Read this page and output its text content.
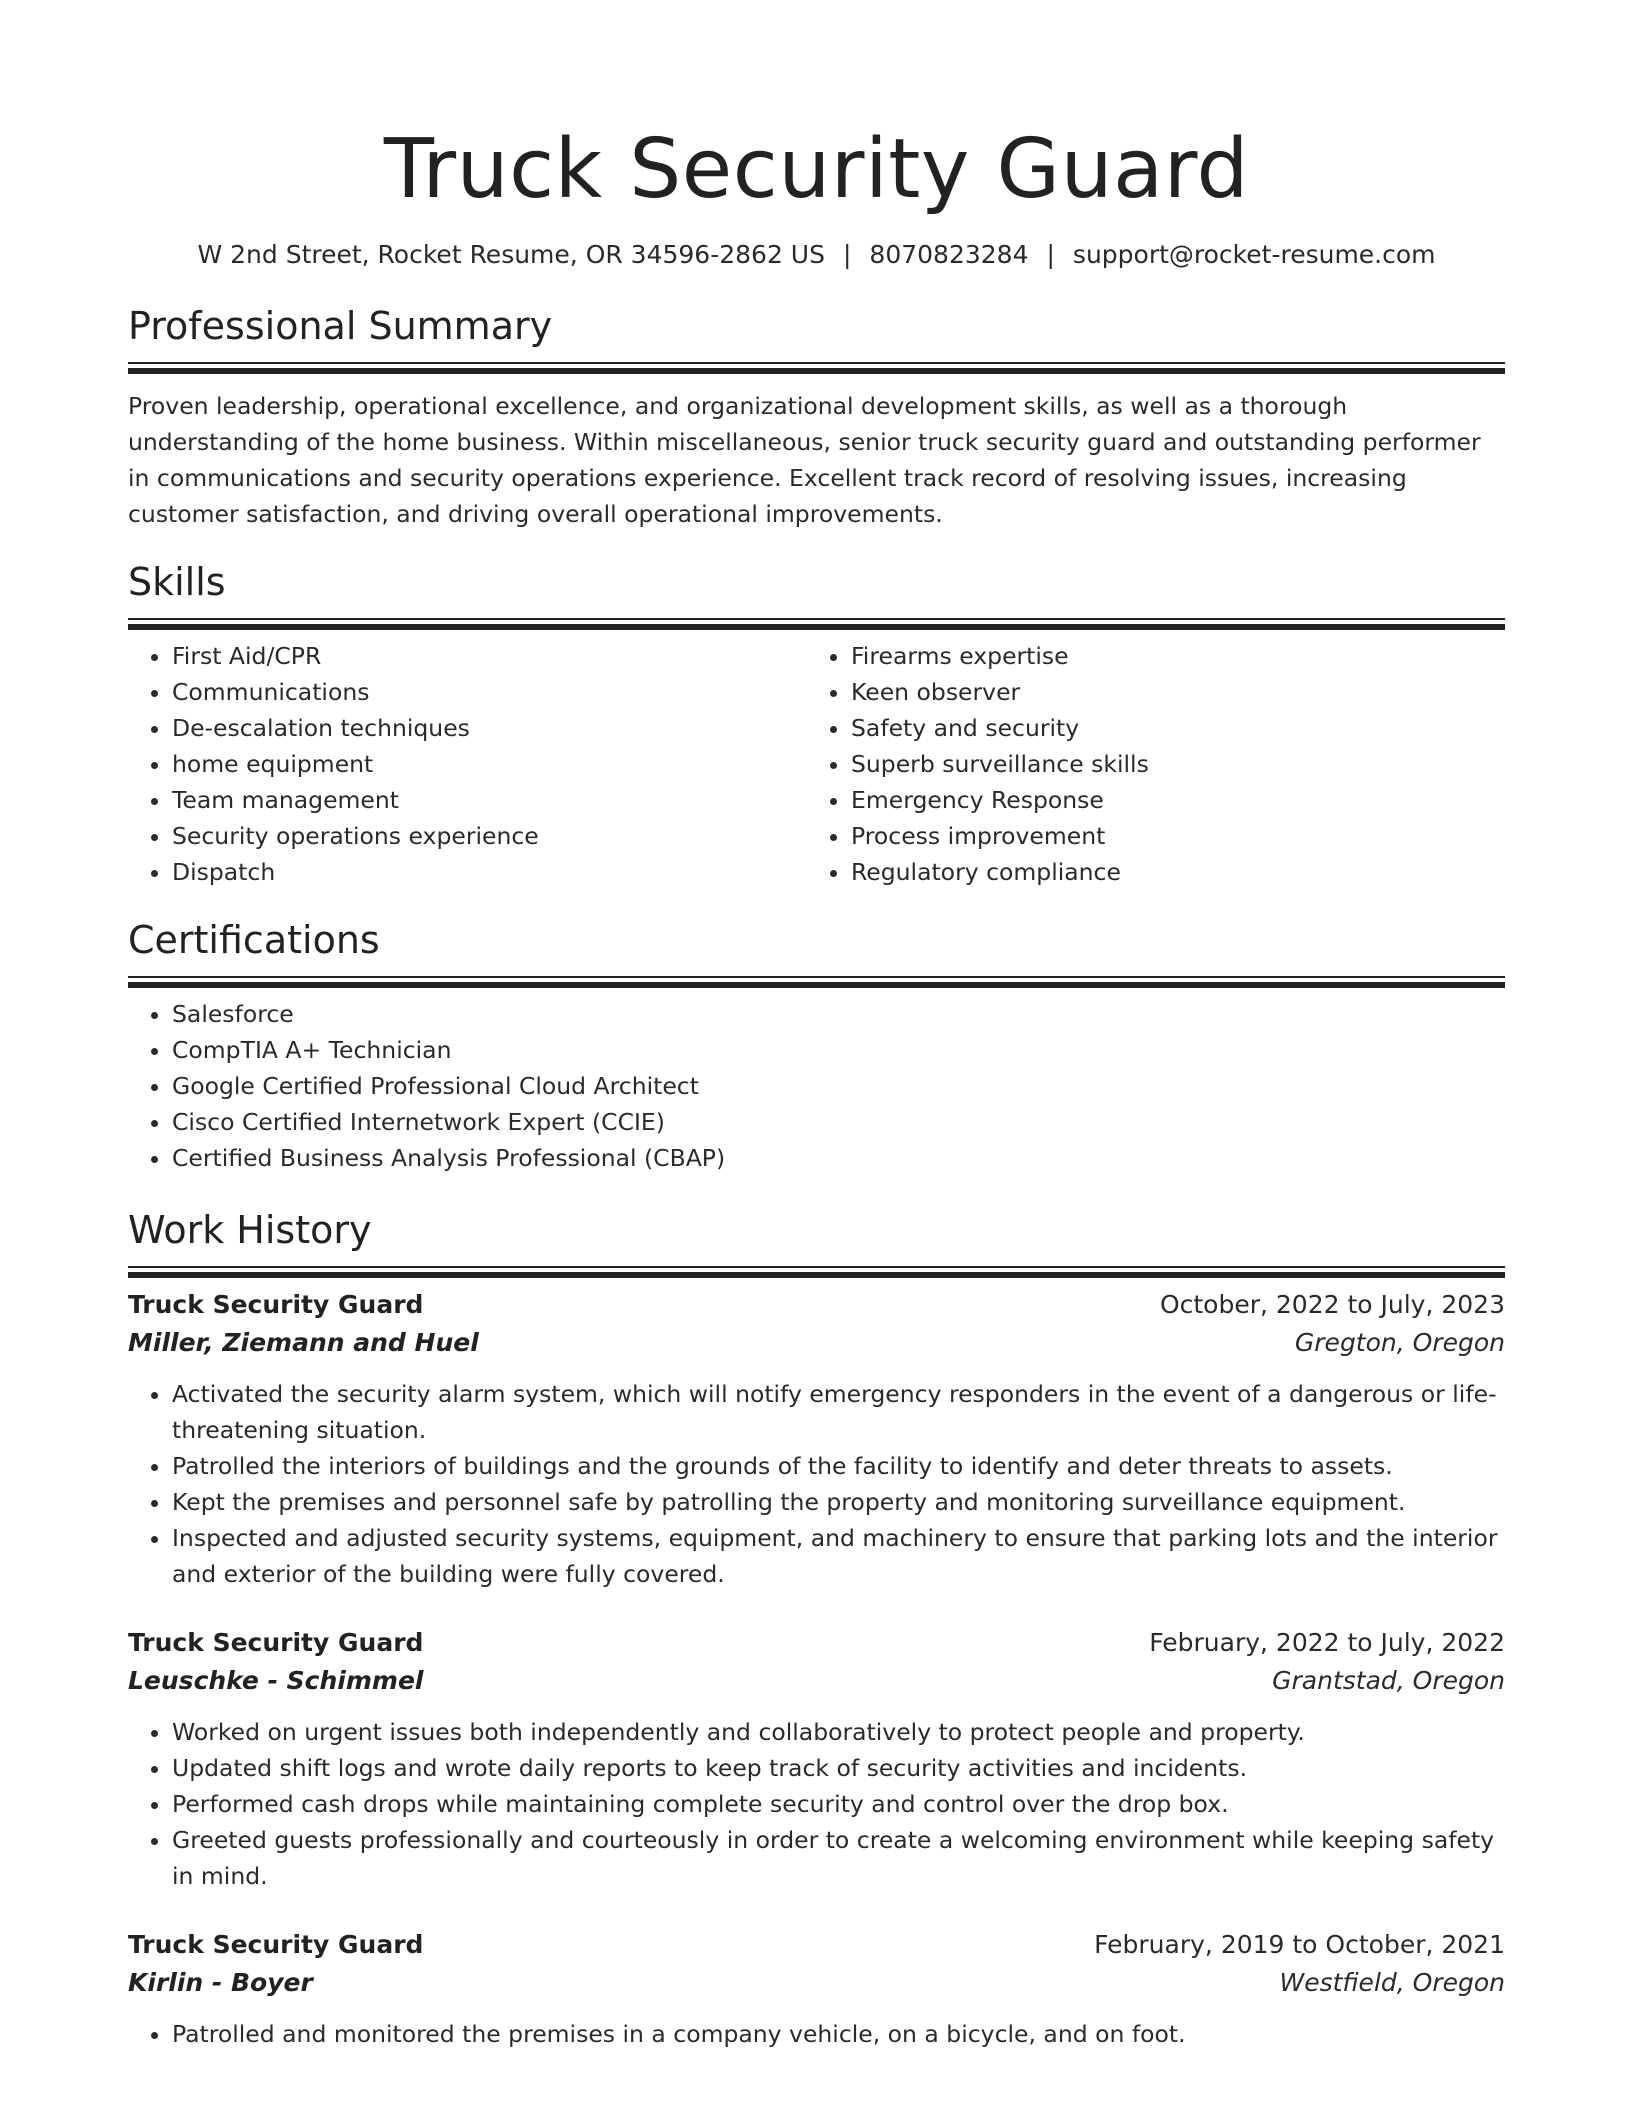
Truck Security Guard
W 2nd Street, Rocket Resume, OR 34596-2862 US | 8070823284 | support@rocket-resume.com
Professional Summary
Proven leadership, operational excellence, and organizational development skills, as well as a thorough understanding of the home business. Within miscellaneous, senior truck security guard and outstanding performer in communications and security operations experience. Excellent track record of resolving issues, increasing customer satisfaction, and driving overall operational improvements.
Skills
• First Aid/CPR
• Communications
• De-escalation techniques
• home equipment
• Team management
• Security operations experience
• Dispatch
• Firearms expertise
• Keen observer
• Safety and security
• Superb surveillance skills
• Emergency Response
• Process improvement
• Regulatory compliance
Certifications
• Salesforce
• CompTIA A+ Technician
• Google Certified Professional Cloud Architect
• Cisco Certified Internetwork Expert (CCIE)
• Certified Business Analysis Professional (CBAP)
Work History
Truck Security Guard	October, 2022 to July, 2023
Miller, Ziemann and Huel	Gregton, Oregon
• Activated the security alarm system, which will notify emergency responders in the event of a dangerous or life-threatening situation.
• Patrolled the interiors of buildings and the grounds of the facility to identify and deter threats to assets.
• Kept the premises and personnel safe by patrolling the property and monitoring surveillance equipment.
• Inspected and adjusted security systems, equipment, and machinery to ensure that parking lots and the interior and exterior of the building were fully covered.
Truck Security Guard	February, 2022 to July, 2022
Leuschke - Schimmel	Grantstad, Oregon
• Worked on urgent issues both independently and collaboratively to protect people and property.
• Updated shift logs and wrote daily reports to keep track of security activities and incidents.
• Performed cash drops while maintaining complete security and control over the drop box.
• Greeted guests professionally and courteously in order to create a welcoming environment while keeping safety in mind.
Truck Security Guard	February, 2019 to October, 2021
Kirlin - Boyer	Westfield, Oregon
• Patrolled and monitored the premises in a company vehicle, on a bicycle, and on foot.
